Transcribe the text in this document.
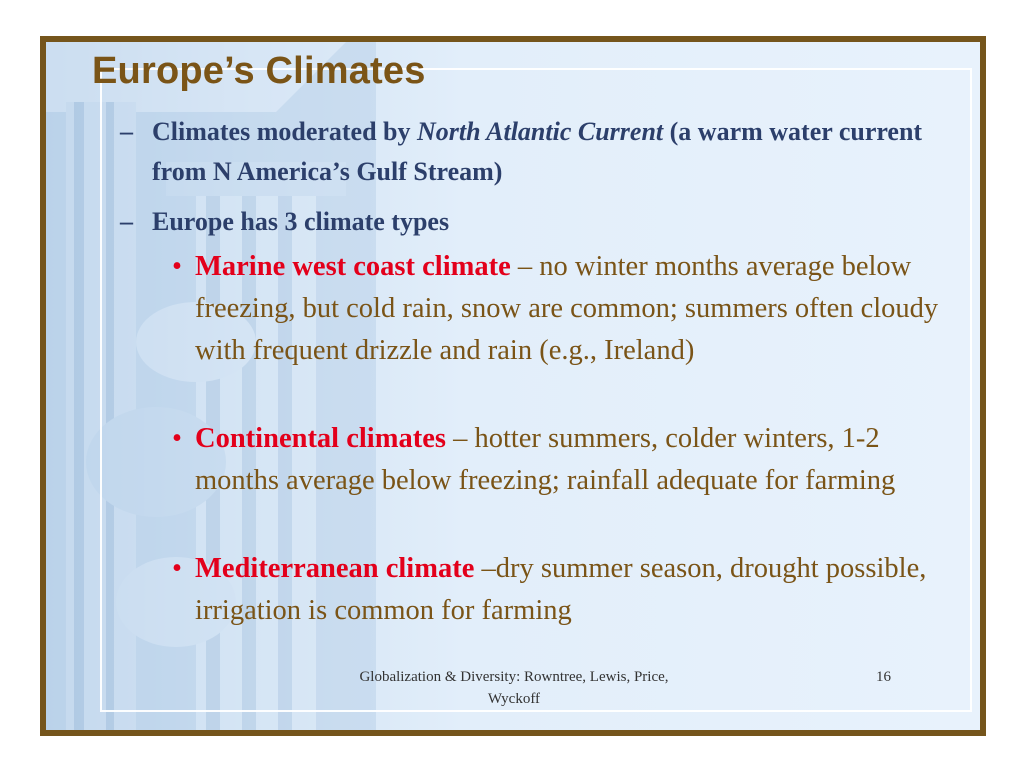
Europe’s Climates
– Climates moderated by North Atlantic Current (a warm water current from N America’s Gulf Stream)
– Europe has 3 climate types
• Marine west coast climate – no winter months average below freezing, but cold rain, snow are common; summers often cloudy with frequent drizzle and rain (e.g., Ireland)
• Continental climates – hotter summers, colder winters, 1-2 months average below freezing; rainfall adequate for farming
• Mediterranean climate –dry summer season, drought possible, irrigation is common for farming
Globalization & Diversity: Rowntree, Lewis, Price, Wyckoff
16
